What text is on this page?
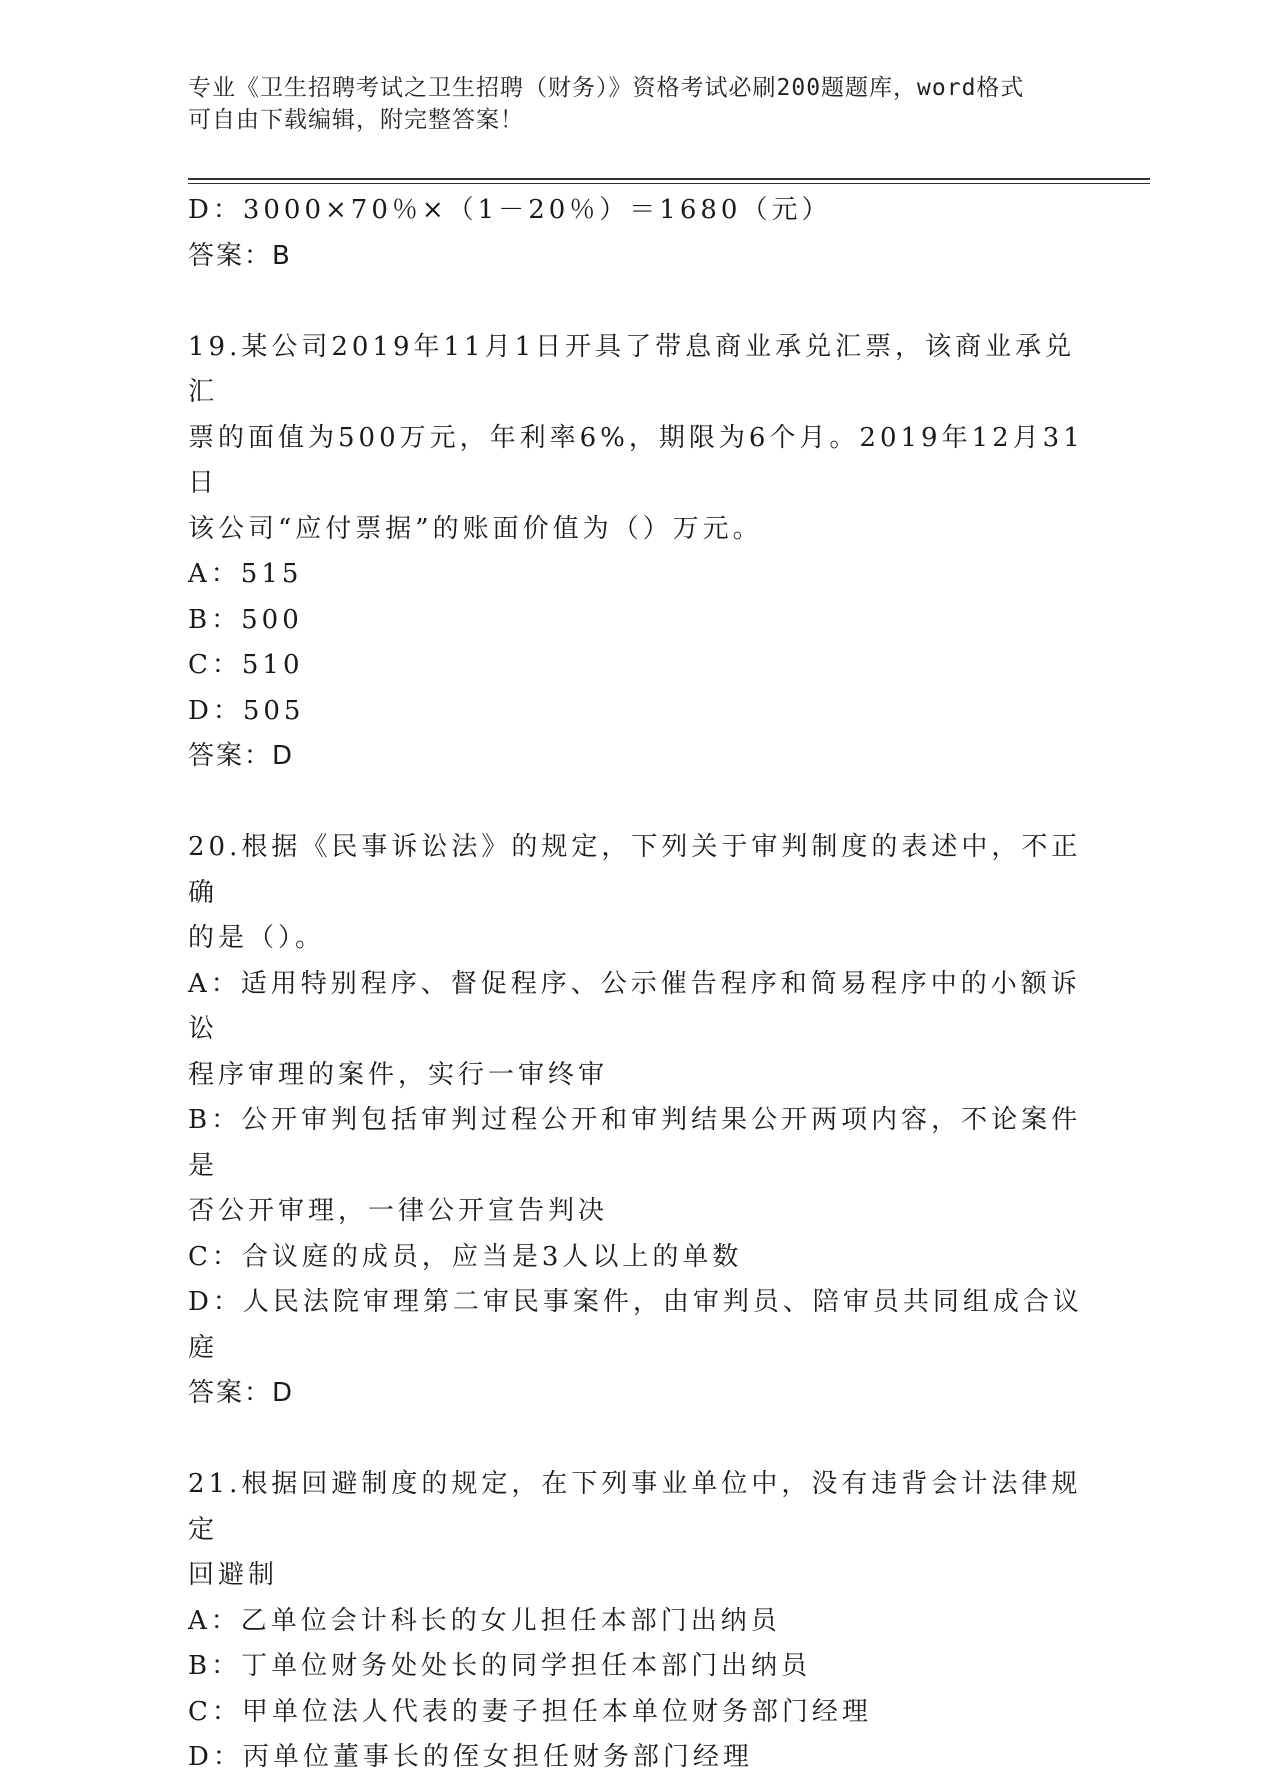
专业《卫生招聘考试之卫生招聘（财务）》资格考试必刷200题题库，word格式
可自由下载编辑，附完整答案！

D：3000×70％×（1－20％）＝1680（元）

答案：B

19.某公司2019年11月1日开具了带息商业承兑汇票，该商业承兑汇

票的面值为500万元，年利率6%，期限为6个月。2019年12月31日

该公司“应付票据”的账面价值为（）万元。

A：515

B：500

C：510

D：505

答案：D

20.根据《民事诉讼法》的规定，下列关于审判制度的表述中，不正确

的是（）。

A：适用特别程序、督促程序、公示催告程序和简易程序中的小额诉讼

程序审理的案件，实行一审终审

B：公开审判包括审判过程公开和审判结果公开两项内容，不论案件是

否公开审理，一律公开宣告判决

C：合议庭的成员，应当是3人以上的单数

D：人民法院审理第二审民事案件，由审判员、陪审员共同组成合议庭

答案：D

21.根据回避制度的规定，在下列事业单位中，没有违背会计法律规定

回避制

A：乙单位会计科长的女儿担任本部门出纳员

B：丁单位财务处处长的同学担任本部门出纳员

C：甲单位法人代表的妻子担任本单位财务部门经理

D：丙单位董事长的侄女担任财务部门经理
